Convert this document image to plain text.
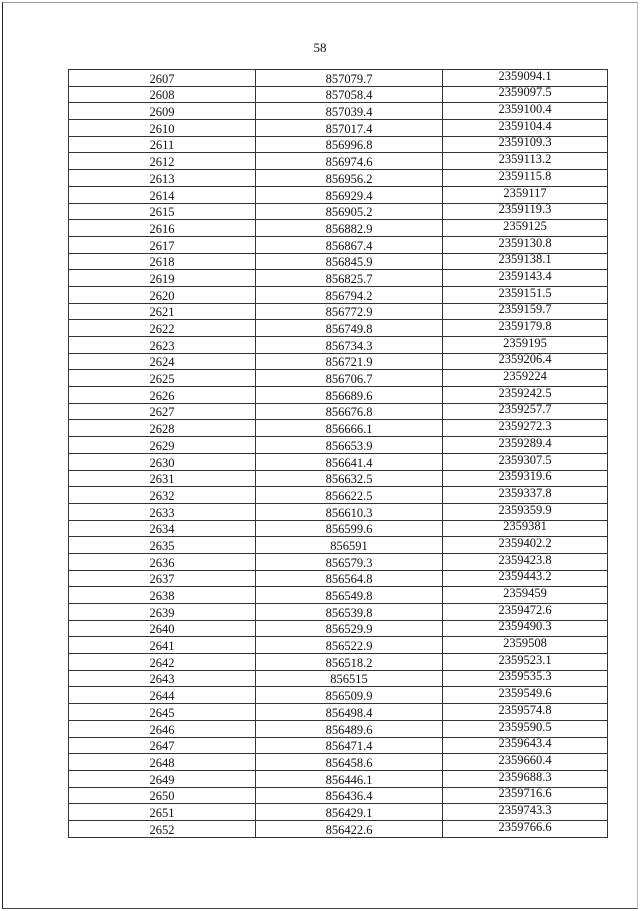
58
2607	857079.7	2359094.1
2608	857058.4	2359097.5
2609	857039.4	2359100.4
2610	857017.4	2359104.4
2611	856996.8	2359109.3
2612	856974.6	2359113.2
2613	856956.2	2359115.8
2614	856929.4	2359117
2615	856905.2	2359119.3
2616	856882.9	2359125
2617	856867.4	2359130.8
2618	856845.9	2359138.1
2619	856825.7	2359143.4
2620	856794.2	2359151.5
2621	856772.9	2359159.7
2622	856749.8	2359179.8
2623	856734.3	2359195
2624	856721.9	2359206.4
2625	856706.7	2359224
2626	856689.6	2359242.5
2627	856676.8	2359257.7
2628	856666.1	2359272.3
2629	856653.9	2359289.4
2630	856641.4	2359307.5
2631	856632.5	2359319.6
2632	856622.5	2359337.8
2633	856610.3	2359359.9
2634	856599.6	2359381
2635	856591	2359402.2
2636	856579.3	2359423.8
2637	856564.8	2359443.2
2638	856549.8	2359459
2639	856539.8	2359472.6
2640	856529.9	2359490.3
2641	856522.9	2359508
2642	856518.2	2359523.1
2643	856515	2359535.3
2644	856509.9	2359549.6
2645	856498.4	2359574.8
2646	856489.6	2359590.5
2647	856471.4	2359643.4
2648	856458.6	2359660.4
2649	856446.1	2359688.3
2650	856436.4	2359716.6
2651	856429.1	2359743.3
2652	856422.6	2359766.6
